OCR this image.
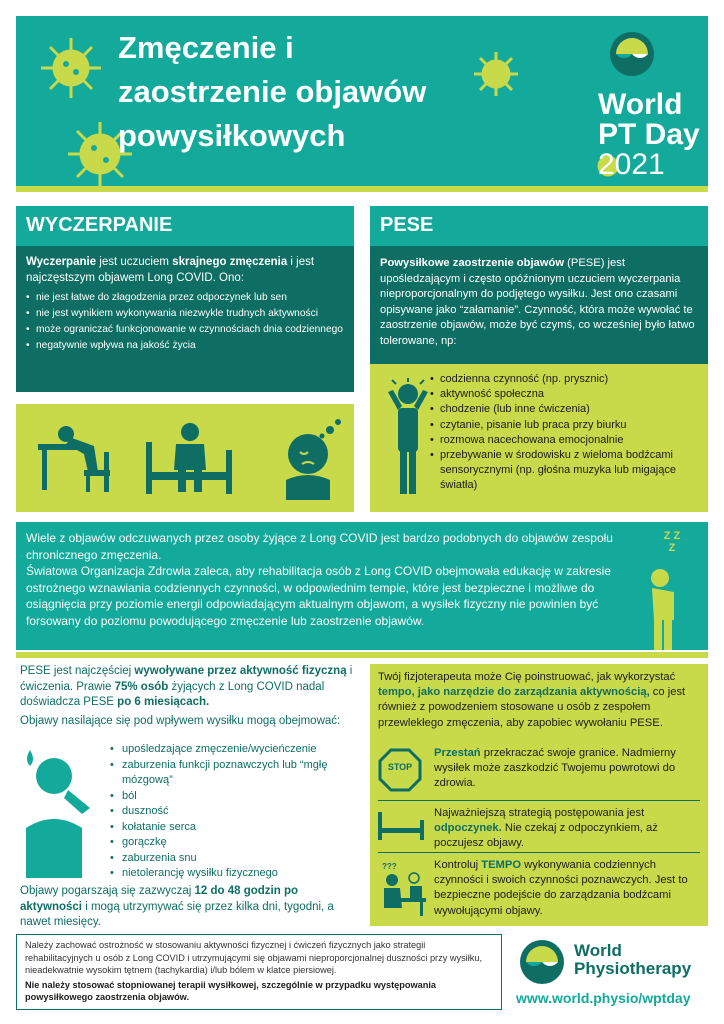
Zmęczenie i
zaostrzenie objawów
powysiłkowych
World
PT Day
2021
WYCZERPANIE
Wyczerpanie jest uczuciem skrajnego zmęczenia i jest najczęstszym objawem Long COVID. Ono:
• nie jest łatwe do złagodzenia przez odpoczynek lub sen
• nie jest wynikiem wykonywania niezwykle trudnych aktywności
• może ograniczać funkcjonowanie w czynnościach dnia codziennego
• negatywnie wpływa na jakość życia
PESE
Powysiłkowe zaostrzenie objawów (PESE) jest upośledzającym i często opóźnionym uczuciem wyczerpania nieproporcjonalnym do podjętego wysiłku. Jest ono czasami opisywane jako “załamanie”. Czynność, która może wywołać te zaostrzenie objawów, może być czymś, co wcześniej było łatwo tolerowane, np:
• codzienna czynność (np. prysznic)
• aktywność społeczna
• chodzenie (lub inne ćwiczenia)
• czytanie, pisanie lub praca przy biurku
• rozmowa nacechowana emocjonalnie
• przebywanie w środowisku z wieloma bodźcami sensorycznymi (np. głośna muzyka lub migające światła)
Wiele z objawów odczuwanych przez osoby żyjące z Long COVID jest bardzo podobnych do objawów zespołu chronicznego zmęczenia.
Światowa Organizacja Zdrowia zaleca, aby rehabilitacja osób z Long COVID obejmowała edukację w zakresie ostrożnego wznawiania codziennych czynności, w odpowiednim tempie, które jest bezpieczne i możliwe do osiągnięcia przy poziomie energii odpowiadającym aktualnym objawom, a wysiłek fizyczny nie powinien być forsowany do poziomu powodującego zmęczenie lub zaostrzenie objawów.
Z Z Z
PESE jest najczęściej wywoływane przez aktywność fizyczną i ćwiczenia. Prawie 75% osób żyjących z Long COVID nadal doświadcza PESE po 6 miesiącach.
Objawy nasilające się pod wpływem wysiłku mogą obejmować:
• upośledzające zmęczenie/wycieńczenie
• zaburzenia funkcji poznawczych lub “mgłę mózgową”
• ból
• duszność
• kołatanie serca
• gorączkę
• zaburzenia snu
• nietolerancję wysiłku fizycznego
Objawy pogarszają się zazwyczaj 12 do 48 godzin po aktywności i mogą utrzymywać się przez kilka dni, tygodni, a nawet miesięcy.
Twój fizjoterapeuta może Cię poinstruować, jak wykorzystać tempo, jako narzędzie do zarządzania aktywnością, co jest również z powodzeniem stosowane u osób z zespołem przewlekłego zmęczenia, aby zapobiec wywołaniu PESE.
STOP
Przestań przekraczać swoje granice. Nadmierny wysiłek może zaszkodzić Twojemu powrotowi do zdrowia.
Najważniejszą strategią postępowania jest odpoczynek. Nie czekaj z odpoczynkiem, aż poczujesz objawy.
???	Kontroluj TEMPO wykonywania codziennych czynności i swoich czynności poznawczych. Jest to bezpieczne podejście do zarządzania bodźcami wywołującymi objawy.
Należy zachować ostrożność w stosowaniu aktywności fizycznej i ćwiczeń fizycznych jako strategii rehabilitacyjnych u osób z Long COVID i utrzymującymi się objawami nieproporcjonalnej duszności przy wysiłku, nieadekwatnie wysokim tętnem (tachykardia) i/lub bólem w klatce piersiowej.
Nie należy stosować stopniowanej terapii wysiłkowej, szczególnie w przypadku występowania powysiłkowego zaostrzenia objawów.
World
Physiotherapy
www.world.physio/wptday
